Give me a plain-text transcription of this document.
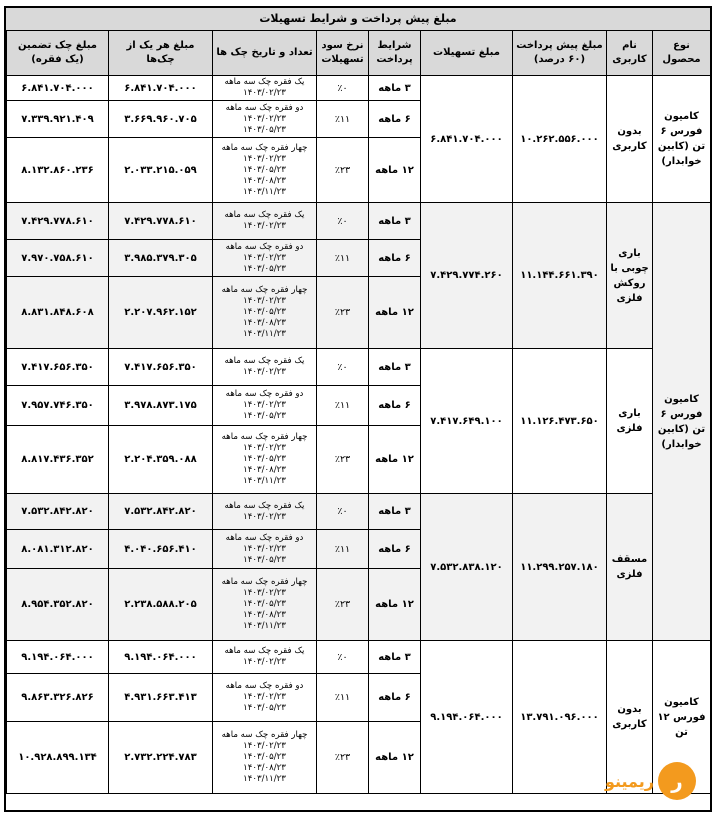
مبلغ پیش پرداخت و شرایط تسهیلات
نوع محصول	نام کاربری	مبلغ پیش پرداخت (۶۰ درصد)	مبلغ تسهیلات	شرایط پرداخت	نرخ سود تسهیلات	تعداد و تاریخ چک ها	مبلغ هر یک از چک‌ها	مبلغ چک تضمین (یک فقره)
کامیون فورس ۶ تن (کابین خوابدار)	بدون کاربری	۱۰.۲۶۲.۵۵۶.۰۰۰	۶.۸۴۱.۷۰۴.۰۰۰	۳ ماهه	٪۰	یک فقره چک سه ماهه
۱۴۰۳/۰۲/۲۳	۶.۸۴۱.۷۰۴.۰۰۰	۶.۸۴۱.۷۰۴.۰۰۰
				۶ ماهه	٪۱۱	دو فقره چک سه ماهه
۱۴۰۳/۰۲/۲۳
۱۴۰۳/۰۵/۲۳	۳.۶۶۹.۹۶۰.۷۰۵	۷.۳۳۹.۹۲۱.۴۰۹
				۱۲ ماهه	٪۲۳	چهار فقره چک سه ماهه
۱۴۰۳/۰۲/۲۳
۱۴۰۳/۰۵/۲۳
۱۴۰۳/۰۸/۲۳
۱۴۰۳/۱۱/۲۳	۲.۰۳۳.۲۱۵.۰۵۹	۸.۱۳۲.۸۶۰.۲۳۶
کامیون فورس ۶ تن (کابین خوابدار)	باری چوبی با روکش فلزی	۱۱.۱۴۴.۶۶۱.۳۹۰	۷.۴۲۹.۷۷۴.۲۶۰	۳ ماهه	٪۰	یک فقره چک سه ماهه
۱۴۰۳/۰۲/۲۳	۷.۴۲۹.۷۷۸.۶۱۰	۷.۴۲۹.۷۷۸.۶۱۰
				۶ ماهه	٪۱۱	دو فقره چک سه ماهه
۱۴۰۳/۰۲/۲۳
۱۴۰۳/۰۵/۲۳	۳.۹۸۵.۳۷۹.۳۰۵	۷.۹۷۰.۷۵۸.۶۱۰
				۱۲ ماهه	٪۲۳	چهار فقره چک سه ماهه
۱۴۰۳/۰۲/۲۳
۱۴۰۳/۰۵/۲۳
۱۴۰۳/۰۸/۲۳
۱۴۰۳/۱۱/۲۳	۲.۲۰۷.۹۶۲.۱۵۲	۸.۸۳۱.۸۴۸.۶۰۸
	باری فلزی	۱۱.۱۲۶.۴۷۳.۶۵۰	۷.۴۱۷.۶۴۹.۱۰۰	۳ ماهه	٪۰	یک فقره چک سه ماهه
۱۴۰۳/۰۲/۲۳	۷.۴۱۷.۶۵۶.۳۵۰	۷.۴۱۷.۶۵۶.۳۵۰
				۶ ماهه	٪۱۱	دو فقره چک سه ماهه
۱۴۰۳/۰۲/۲۳
۱۴۰۳/۰۵/۲۳	۳.۹۷۸.۸۷۳.۱۷۵	۷.۹۵۷.۷۴۶.۳۵۰
				۱۲ ماهه	٪۲۳	چهار فقره چک سه ماهه
۱۴۰۳/۰۲/۲۳
۱۴۰۳/۰۵/۲۳
۱۴۰۳/۰۸/۲۳
۱۴۰۳/۱۱/۲۳	۲.۲۰۴.۳۵۹.۰۸۸	۸.۸۱۷.۴۳۶.۳۵۲
	مسقف فلزی	۱۱.۲۹۹.۲۵۷.۱۸۰	۷.۵۳۲.۸۳۸.۱۲۰	۳ ماهه	٪۰	یک فقره چک سه ماهه
۱۴۰۳/۰۲/۲۳	۷.۵۳۲.۸۴۲.۸۲۰	۷.۵۳۲.۸۴۲.۸۲۰
				۶ ماهه	٪۱۱	دو فقره چک سه ماهه
۱۴۰۳/۰۲/۲۳
۱۴۰۳/۰۵/۲۳	۴.۰۴۰.۶۵۶.۴۱۰	۸.۰۸۱.۳۱۲.۸۲۰
				۱۲ ماهه	٪۲۳	چهار فقره چک سه ماهه
۱۴۰۳/۰۲/۲۳
۱۴۰۳/۰۵/۲۳
۱۴۰۳/۰۸/۲۳
۱۴۰۳/۱۱/۲۳	۲.۲۳۸.۵۸۸.۲۰۵	۸.۹۵۴.۳۵۲.۸۲۰
کامیون فورس ۱۲ تن	بدون کاربری	۱۳.۷۹۱.۰۹۶.۰۰۰	۹.۱۹۴.۰۶۴.۰۰۰	۳ ماهه	٪۰	یک فقره چک سه ماهه
۱۴۰۳/۰۲/۲۳	۹.۱۹۴.۰۶۴.۰۰۰	۹.۱۹۴.۰۶۴.۰۰۰
				۶ ماهه	٪۱۱	دو فقره چک سه ماهه
۱۴۰۳/۰۲/۲۳
۱۴۰۳/۰۵/۲۳	۴.۹۳۱.۶۶۳.۴۱۳	۹.۸۶۳.۳۲۶.۸۲۶
				۱۲ ماهه	٪۲۳	چهار فقره چک سه ماهه
۱۴۰۳/۰۲/۲۳
۱۴۰۳/۰۵/۲۳
۱۴۰۳/۰۸/۲۳
۱۴۰۳/۱۱/۲۳	۲.۷۳۲.۲۲۴.۷۸۳	۱۰.۹۲۸.۸۹۹.۱۳۴
ریمینو ر
